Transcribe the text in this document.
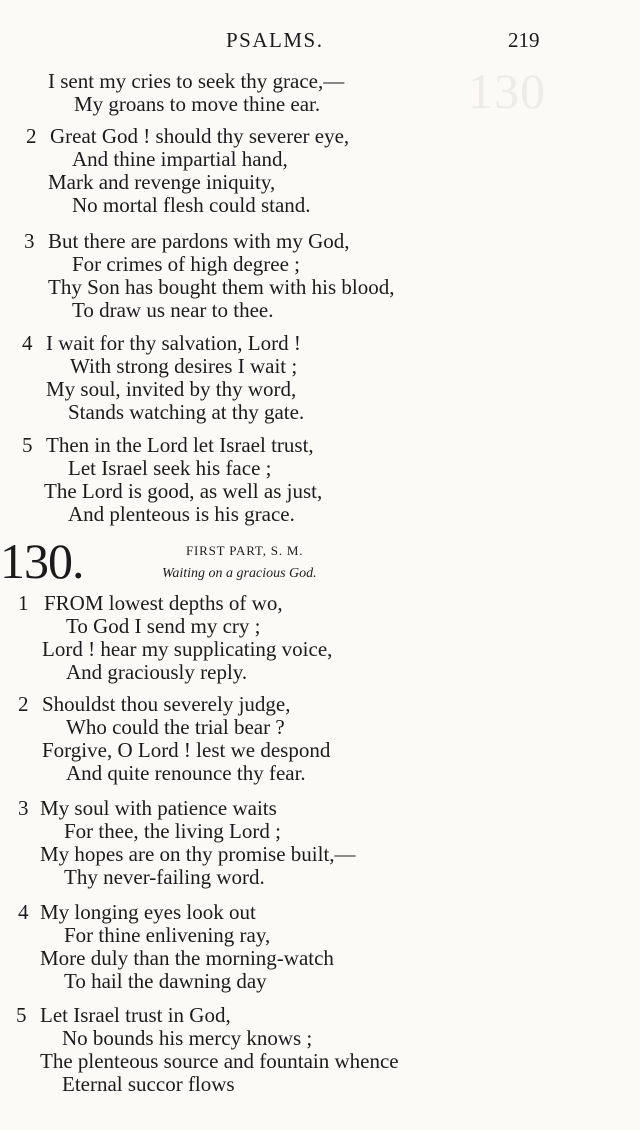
130
PSALMS.	219
I sent my cries to seek thy grace,—
My groans to move thine ear.
2 Great God ! should thy severer eye,
And thine impartial hand,
Mark and revenge iniquity,
No mortal flesh could stand.
3 But there are pardons with my God,
For crimes of high degree ;
Thy Son has bought them with his blood,
To draw us near to thee.
4 I wait for thy salvation, Lord !
With strong desires I wait ;
My soul, invited by thy word,
Stands watching at thy gate.
5 Then in the Lord let Israel trust,
Let Israel seek his face ;
The Lord is good, as well as just,
And plenteous is his grace.
130.	FIRST PART, S. M.
Waiting on a gracious God.
1 FROM lowest depths of wo,
To God I send my cry ;
Lord ! hear my supplicating voice,
And graciously reply.
2 Shouldst thou severely judge,
Who could the trial bear ?
Forgive, O Lord ! lest we despond
And quite renounce thy fear.
3 My soul with patience waits
For thee, the living Lord ;
My hopes are on thy promise built,—
Thy never-failing word.
4 My longing eyes look out
For thine enlivening ray,
More duly than the morning-watch
To hail the dawning day
5 Let Israel trust in God,
No bounds his mercy knows ;
The plenteous source and fountain whence
Eternal succor flows
